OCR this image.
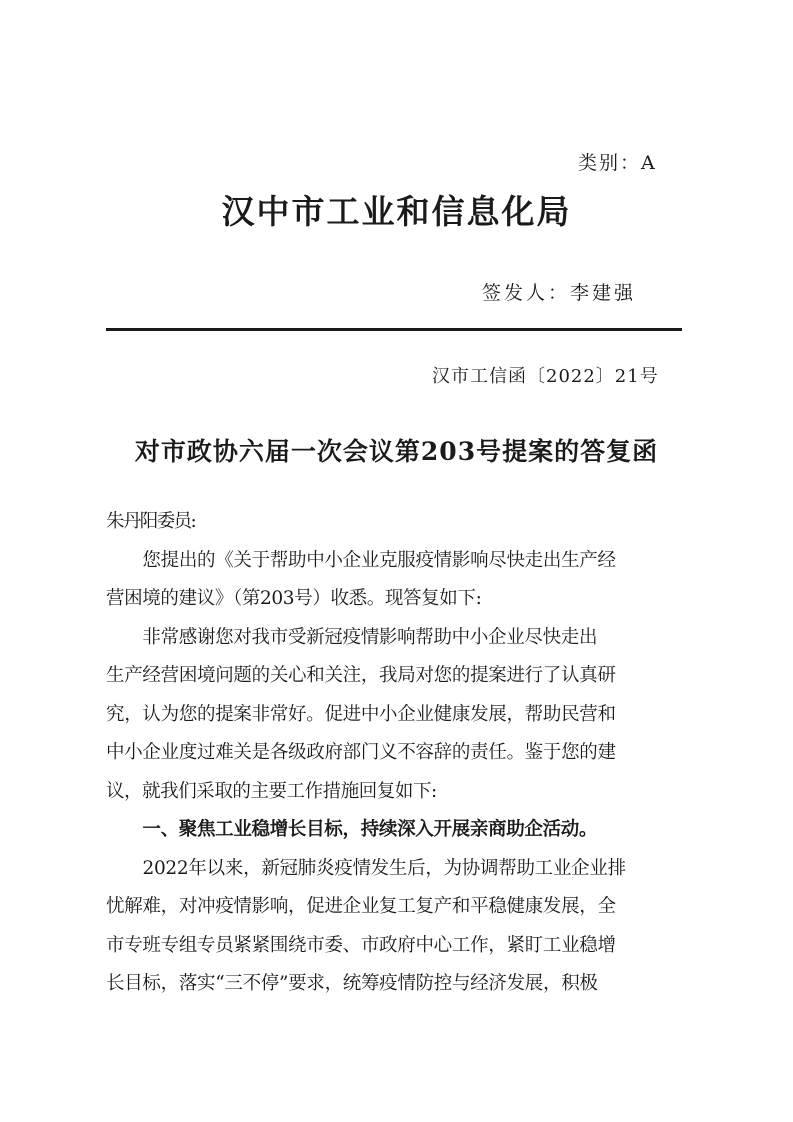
类别：A
汉中市工业和信息化局
签发人：李建强
汉市工信函〔2022〕21号
对市政协六届一次会议第203号提案的答复函
朱丹阳委员:
　　您提出的《关于帮助中小企业克服疫情影响尽快走出生产经
营困境的建议》（第203号）收悉。现答复如下:
　　非常感谢您对我市受新冠疫情影响帮助中小企业尽快走出
生产经营困境问题的关心和关注，我局对您的提案进行了认真研
究，认为您的提案非常好。促进中小企业健康发展，帮助民营和
中小企业度过难关是各级政府部门义不容辞的责任。鉴于您的建
议，就我们采取的主要工作措施回复如下:
　　一、聚焦工业稳增长目标，持续深入开展亲商助企活动。
　　2022年以来，新冠肺炎疫情发生后，为协调帮助工业企业排
忧解难，对冲疫情影响，促进企业复工复产和平稳健康发展，全
市专班专组专员紧紧围绕市委、市政府中心工作，紧盯工业稳增
长目标，落实“三不停”要求，统筹疫情防控与经济发展，积极
